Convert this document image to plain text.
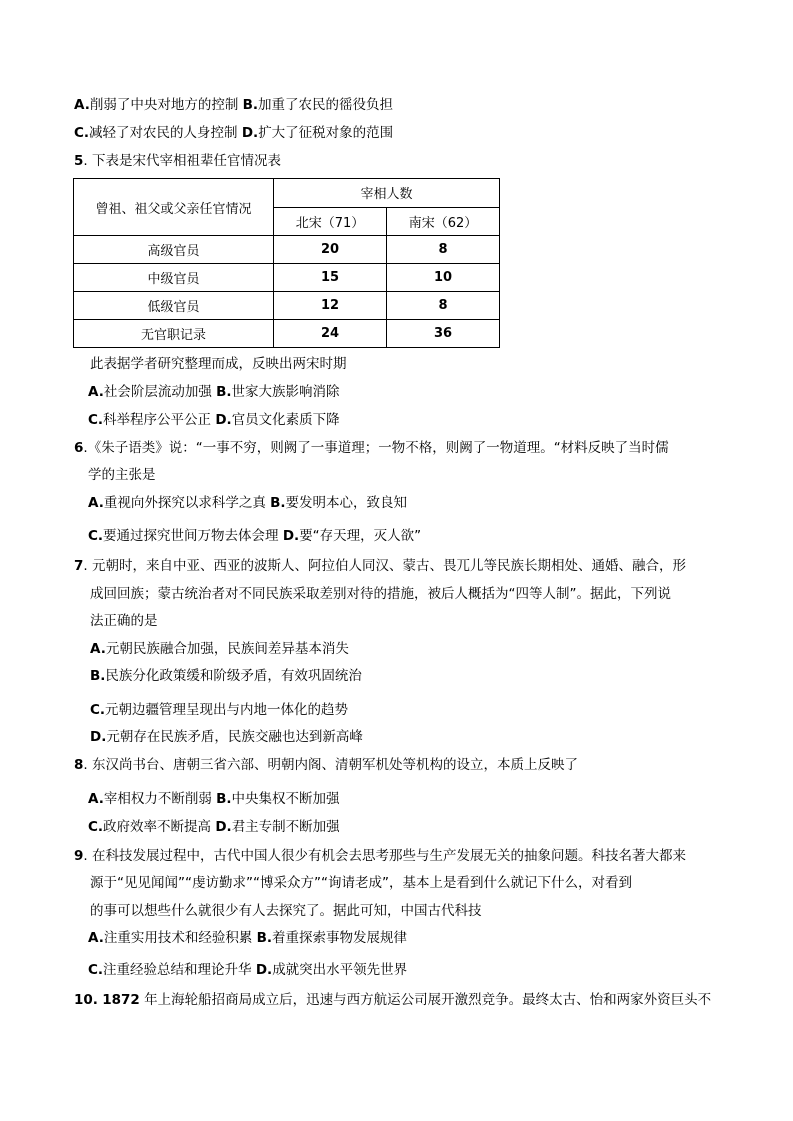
A.削弱了中央对地方的控制 B.加重了农民的徭役负担
C.减轻了对农民的人身控制 D.扩大了征税对象的范围
5. 下表是宋代宰相祖辈任官情况表
曾祖、祖父或父亲任官情况	宰相人数	
	北宋（71）	南宋（62）
高级官员	20	8
中级官员	15	10
低级官员	12	8
无官职记录	24	36
此表据学者研究整理而成，反映出两宋时期
A.社会阶层流动加强 B.世家大族影响消除
C.科举程序公平公正 D.官员文化素质下降
6.《朱子语类》说：“一事不穷，则阙了一事道理；一物不格，则阙了一物道理。“材料反映了当时儒
学的主张是
A.重视向外探究以求科学之真 B.要发明本心，致良知
C.要通过探究世间万物去体会理 D.要“存天理，灭人欲”
7. 元朝时，来自中亚、西亚的波斯人、阿拉伯人同汉、蒙古、畏兀儿等民族长期相处、通婚、融合，形
成回回族；蒙古统治者对不同民族采取差别对待的措施，被后人概括为“四等人制”。据此，下列说
法正确的是
A.元朝民族融合加强，民族间差异基本消失
B.民族分化政策缓和阶级矛盾，有效巩固统治
C.元朝边疆管理呈现出与内地一体化的趋势
D.元朝存在民族矛盾，民族交融也达到新高峰
8. 东汉尚书台、唐朝三省六部、明朝内阁、清朝军机处等机构的设立，本质上反映了
A.宰相权力不断削弱 B.中央集权不断加强
C.政府效率不断提高 D.君主专制不断加强
9. 在科技发展过程中，古代中国人很少有机会去思考那些与生产发展无关的抽象问题。科技名著大都来
源于“见见闻闻”“虔访勤求”“博采众方”“询请老成”，基本上是看到什么就记下什么，对看到
的事可以想些什么就很少有人去探究了。据此可知，中国古代科技
A.注重实用技术和经验积累 B.着重探索事物发展规律
C.注重经验总结和理论升华 D.成就突出水平领先世界
10. 1872 年上海轮船招商局成立后，迅速与西方航运公司展开激烈竞争。最终太古、怡和两家外资巨头不
